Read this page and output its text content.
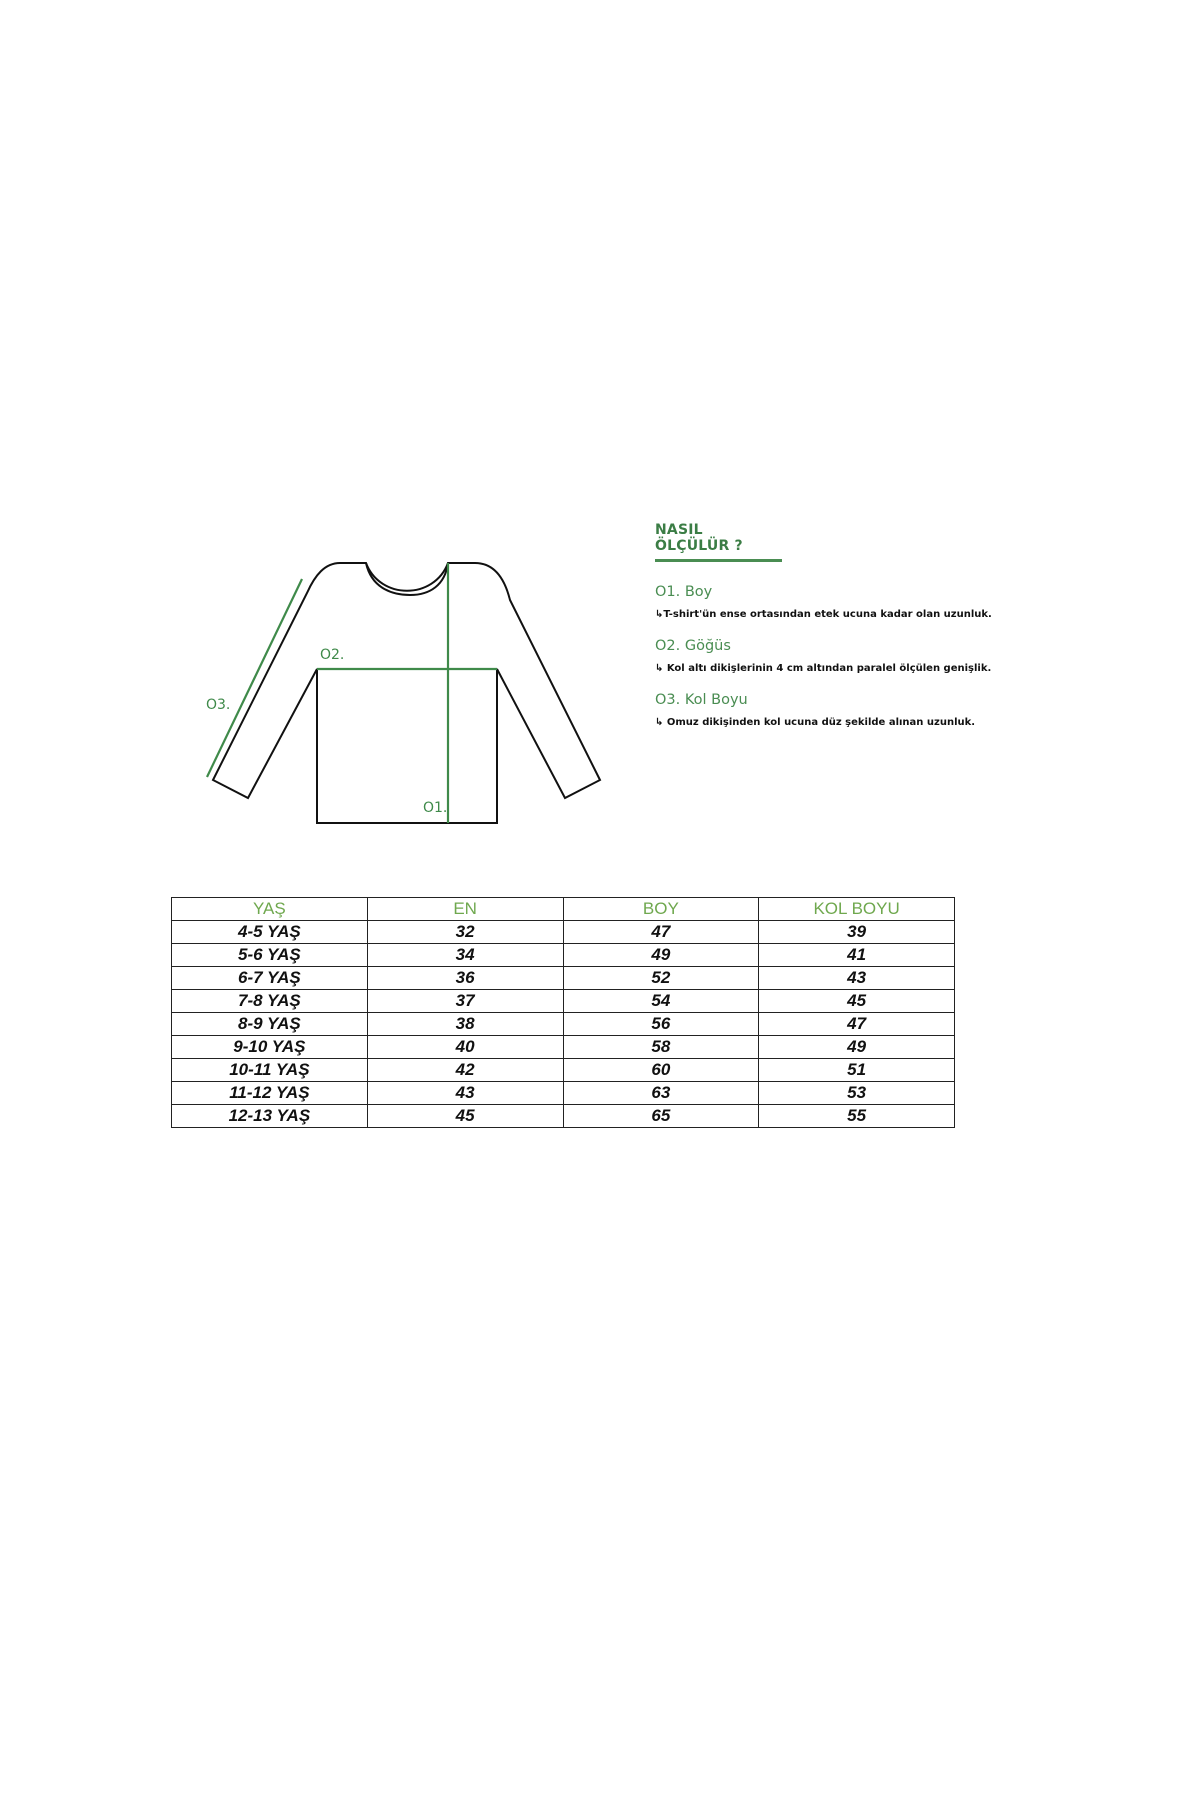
O2.
O3.
O1.
NASIL ÖLÇÜLÜR ?
O1. Boy
↳T-shirt'ün ense ortasından etek ucuna kadar olan uzunluk.
O2. Göğüs
↳ Kol altı dikişlerinin 4 cm altından paralel ölçülen genişlik.
O3. Kol Boyu
↳ Omuz dikişinden kol ucuna düz şekilde alınan uzunluk.
YAŞ	EN	BOY	KOL BOYU
4-5 YAŞ	32	47	39
5-6 YAŞ	34	49	41
6-7 YAŞ	36	52	43
7-8 YAŞ	37	54	45
8-9 YAŞ	38	56	47
9-10 YAŞ	40	58	49
10-11 YAŞ	42	60	51
11-12 YAŞ	43	63	53
12-13 YAŞ	45	65	55
